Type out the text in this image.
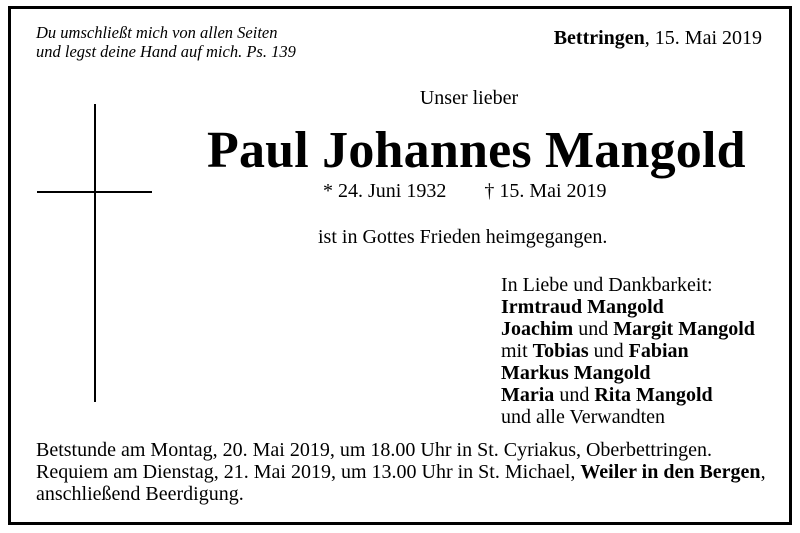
Du umschließt mich von allen Seiten
und legst deine Hand auf mich. Ps. 139
Bettringen, 15. Mai 2019
Unser lieber
Paul Johannes Mangold
* 24. Juni 1932 † 15. Mai 2019
ist in Gottes Frieden heimgegangen.
In Liebe und Dankbarkeit:
Irmtraud Mangold
Joachim und Margit Mangold
mit Tobias und Fabian
Markus Mangold
Maria und Rita Mangold
und alle Verwandten
Betstunde am Montag, 20. Mai 2019, um 18.00 Uhr in St. Cyriakus, Oberbettringen.
Requiem am Dienstag, 21. Mai 2019, um 13.00 Uhr in St. Michael, Weiler in den Bergen,
anschließend Beerdigung.
